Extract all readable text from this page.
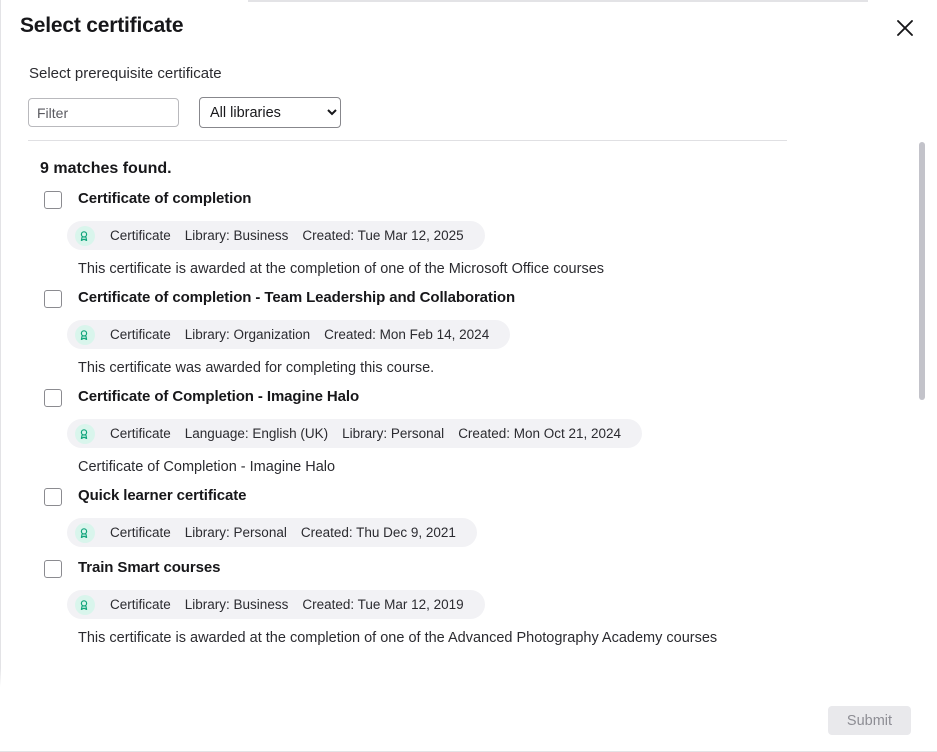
Select certificate
Select prerequisite certificate
Filter
All libraries
9 matches found.
Certificate of completion
Certificate	Library: Business	Created: Tue Mar 12, 2025
This certificate is awarded at the completion of one of the Microsoft Office courses
Certificate of completion - Team Leadership and Collaboration
Certificate	Library: Organization	Created: Mon Feb 14, 2024
This certificate was awarded for completing this course.
Certificate of Completion - Imagine Halo
Certificate	Language: English (UK)	Library: Personal	Created: Mon Oct 21, 2024
Certificate of Completion - Imagine Halo
Quick learner certificate
Certificate	Library: Personal	Created: Thu Dec 9, 2021
Train Smart courses
Certificate	Library: Business	Created: Tue Mar 12, 2019
This certificate is awarded at the completion of one of the Advanced Photography Academy courses
Submit
